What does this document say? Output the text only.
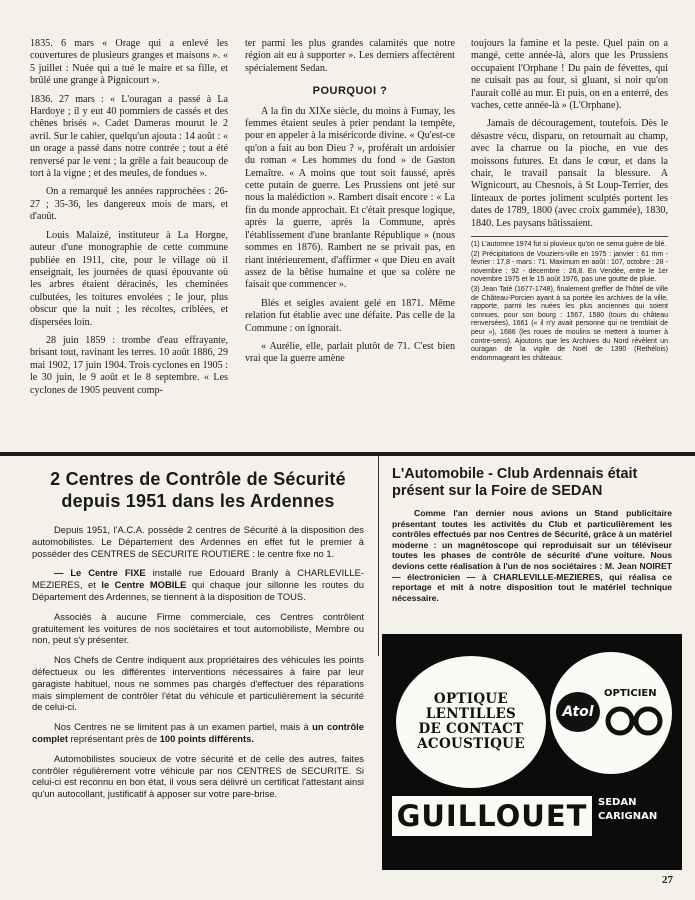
1835. 6 mars « Orage qui a enlevé les couvertures de plusieurs granges et maisons ». « 5 juillet : Nuée qui a tué le maire et sa fille, et brûlé une grange à Pignicourt ».

1836. 27 mars : « L'ouragan a passé à La Hardoye ; il y eut 40 pommiers de cassés et des chênes brisés ». Cadet Dameras mourut le 2 avril. Sur le cahier, quelqu'un ajouta : 14 août : « un orage a passé dans notre contrée ; tout a été renversé par le vent ; la grêle a fait beaucoup de tort à la vigne ; et des meules, de fondues ».

On a remarqué les années rapprochées : 26-27 ; 35-36, les dangereux mois de mars, et d'août.

Louis Malaizé, instituteur à La Horgne, auteur d'une monographie de cette commune publiée en 1911, cite, pour le village où il enseignait, les journées de quasi épouvante où les arbres étaient déracinés, les cheminées culbutées, les toitures envolées ; le jour, plus obscur que la nuit ; les récoltes, criblées, et dispersées loin.

28 juin 1859 : trombe d'eau effrayante, brisant tout, ravinant les terres. 10 août 1886, 29 mai 1902, 17 juin 1904. Trois cyclones en 1905 : le 30 juin, le 9 août et le 8 septembre. « Les cyclones de 1905 peuvent comp-

ter parmi les plus grandes calamités que notre région ait eu à supporter ». Les derniers affectèrent spécialement Sedan.

POURQUOI ?

A la fin du XIXe siècle, du moins à Fumay, les femmes étaient seules à prier pendant la tempête, pour en appeler à la miséricorde divine. « Qu'est-ce qu'on a fait au bon Dieu ? », proférait un ardoisier du roman « Les hommes du fond » de Gaston Lemaître. « A moins que tout soit faussé, après cette putain de guerre. Les Prussiens ont jeté sur nous la malédiction ». Rambert disait encore : « La fin du monde approchait. Et c'était presque logique, après la guerre, après la Commune, après l'établissement d'une branlante République » (nous sommes en 1876). Rambert ne se privait pas, en riant intérieurement, d'affirmer « que Dieu en avait assez de la bêtise humaine et que sa colère ne faisait que commencer ».

Blés et seigles avaient gelé en 1871. Même relation fut établie avec une défaite. Pas celle de la Commune : on ignorait.

« Aurélie, elle, parlait plutôt de 71. C'est bien vrai que la guerre amène

toujours la famine et la peste. Quel pain on a mangé, cette année-là, alors que les Prussiens occupaient l'Orphane ! Du pain de févettes, qui ne cuisait pas au four, si gluant, si noir qu'on l'aurait collé au mur. Et puis, on en a enterré, des vaches, cette année-là » (L'Orphane).

Jamais de découragement, toutefois. Dès le désastre vécu, disparu, on retournait au champ, avec la charrue ou la pioche, en vue des moissons futures. Et dans le cœur, et dans la chair, le travail pansait la blessure. A Wignicourt, au Chesnois, à St Loup-Terrier, des linteaux de portes joliment sculptés portent les dates de 1789, 1800 (avec croix gammée), 1830, 1840. Les paysans bâtissaient.

(1) L'automne 1974 fut si pluvieux qu'on ne sema guère de blé.
(2) Précipitations de Vouziers-ville en 1975 : janvier : 61 mm - février : 17,8 - mars : 71. Maximum en août : 107, octobre : 28 - novembre : 92 - décembre : 26,8. En Vendée, entre le 1er novembre 1975 et le 15 août 1976, pas une goutte de pluie.
(3) Jean Taté (1677-1748), finalement greffier de l'hôtel de ville de Château-Porcien ayant à sa portée les archives de la ville, rapporte, parmi les nuées les plus anciennes qui soient connues, pour son bourg : 1567, 1580 (tours du château renversées), 1661 (« il n'y avait personne qui ne tremblait de peur »), 1686 (les roues de moulins se mettent à tourner à contre-sens). Ajoutons que les Archives du Nord révèlent un ouragan de la vigile de Noël de 1390 (Rethélois) endommageant les châteaux.
2 Centres de Contrôle de Sécurité
depuis 1951 dans les Ardennes

Depuis 1951, l'A.C.A. possède 2 centres de Sécurité à la disposition des automobilistes. Le Département des Ardennes en effet fut le premier à posséder des CENTRES de SECURITE ROUTIERE : le centre fixe no 1.

— Le Centre FIXE installé rue Edouard Branly à CHARLEVILLE-MEZIERES, et le Centre MOBILE qui chaque jour sillonne les routes du Département des Ardennes, se tiennent à la disposition de TOUS.

Associés à aucune Firme commerciale, ces Centres contrôlent gratuitement les voitures de nos sociétaires et tout automobiliste, Membre ou non, peut s'y présenter.

Nos Chefs de Centre indiquent aux propriétaires des véhicules les points défectueux ou les différentes interventions nécessaires à faire par leur garagiste habituel, nous ne sommes pas chargés d'effectuer des réparations mais simplement de contrôler l'état du véhicule et particulièrement la sécurité de celui-ci.

Nos Centres ne se limitent pas à un examen partiel, mais à un contrôle complet représentant près de 100 points différents.

Automobilistes soucieux de votre sécurité et de celle des autres, faites contrôler régulièrement votre véhicule par nos CENTRES de SECURITE. Si celui-ci est reconnu en bon état, il vous sera délivré un certificat l'attestant ainsi qu'un autocollant, justificatif à apposer sur votre pare-brise.

L'Automobile - Club Ardennais était
présent sur la Foire de SEDAN

Comme l'an dernier nous avions un Stand publicitaire présentant toutes les activités du Club et particulièrement les contrôles effectués par nos Centres de Sécurité, grâce à un matériel moderne : un magnétoscope qui reproduisait sur un téléviseur toutes les phases de contrôle de sécurité d'une voiture. Nous devions cette réalisation à l'un de nos sociétaires : M. Jean NOIRET — électronicien — à CHARLEVILLE-MEZIERES, qui réalisa ce reportage et mit à notre disposition tout le matériel technique nécessaire.

OPTIQUE
LENTILLES
DE CONTACT
ACOUSTIQUE
Atol
OPTICIEN
GUILLOUET	SEDAN
CARIGNAN
27
